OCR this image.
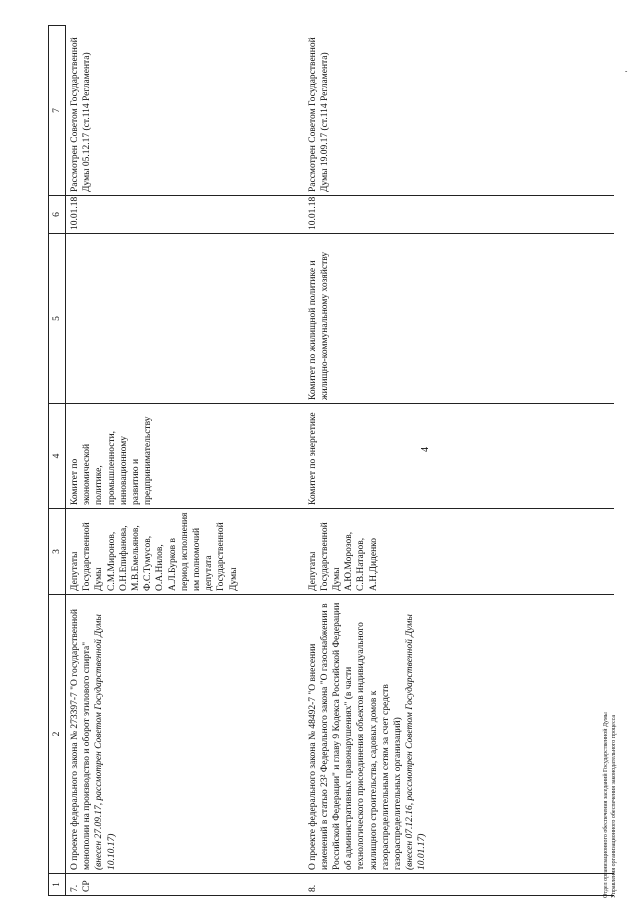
4
-
1	2	3	4	5	6	7

7. СР	О проекте федерального закона № 273397-7 "О государственной монополии на производство и оборот этилового спирта" (внесен 27.09.17, рассмотрен Советом Государственной Думы 10.10.17)	Депутаты Государственной Думы С.М.Миронов, О.Н.Епифанова, М.В.Емельянов, Ф.С.Тумусов, О.А.Нилов, А.Л.Бурков в период исполнения им полномочий депутата Государственной Думы	Комитет по экономической политике, промышленности, инновационному развитию и предпринимательству		10.01.18	Рассмотрен Советом Государственной Думы 05.12.17 (ст.114 Регламента)

8.	О проекте федерального закона № 48492-7 "О внесении изменений в статью 23² Федерального закона "О газоснабжении в Российской Федерации" и главу 9 Кодекса Российской Федерации об административных правонарушениях" (в части технологического присоединения объектов индивидуального жилищного строительства, садовых домов к газораспределительным сетям за счет средств газораспределительных организаций) (внесен 07.12.16, рассмотрен Советом Государственной Думы 10.01.17)	Депутаты Государственной Думы А.Ю.Морозов, С.В.Натаров, А.Н.Диденко	Комитет по энергетике	Комитет по жилищной политике и жилищно-коммунальному хозяйству	10.01.18	Рассмотрен Советом Государственной Думы 19.09.17 (ст.114 Регламента)
Отдел организационного обеспечения заседаний Государственной Думы Управления организационного обеспечения законодательного процесса
